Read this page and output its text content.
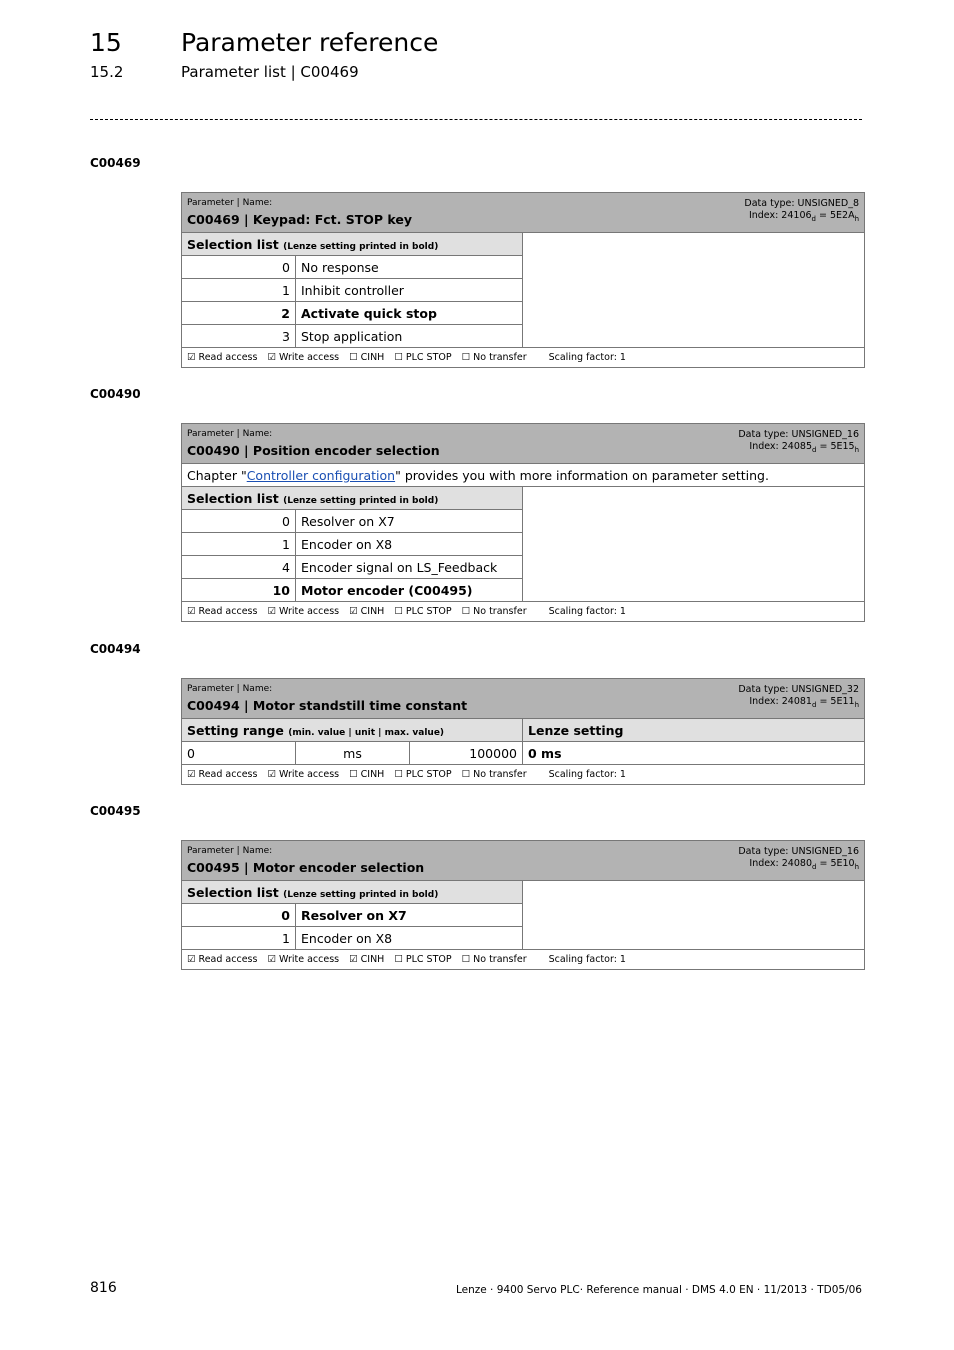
15 Parameter reference
15.2	Parameter list | C00469
C00469
Parameter | Name:
C00469 | Keypad: Fct. STOP key
Data type: UNSIGNED_8
Index: $24106_d = 5E2A_h$

Selection list (Lenze setting printed in bold)		
0	No response	
1	Inhibit controller	
2	Activate quick stop	
3	Stop application	
☑ Read access ☑ Write access ☐ CINH ☐ PLC STOP ☐ No transfer Scaling factor: 1		
C00490
Parameter | Name:
C00490 | Position encoder selection
Data type: UNSIGNED_16
Index: $24085_d = 5E15_h$

Chapter "Controller configuration" provides you with more information on parameter setting.		
Selection list (Lenze setting printed in bold)		
0	Resolver on X7	
1	Encoder on X8	
4	Encoder signal on LS_Feedback	
10	Motor encoder (C00495)	
☑ Read access ☑ Write access ☑ CINH ☐ PLC STOP ☐ No transfer Scaling factor: 1		
C00494
Parameter | Name:
C00494 | Motor standstill time constant
Data type: UNSIGNED_32
Index: $24081_d = 5E11_h$

Setting range (min. value | unit | max. value)			Lenze setting
0	ms	100000	0 ms
☑ Read access ☑ Write access ☐ CINH ☐ PLC STOP ☐ No transfer Scaling factor: 1			
C00495
Parameter | Name:
C00495 | Motor encoder selection
Data type: UNSIGNED_16
Index: $24080_d = 5E10_h$

Selection list (Lenze setting printed in bold)		
0	Resolver on X7	
1	Encoder on X8	
☑ Read access ☑ Write access ☑ CINH ☐ PLC STOP ☐ No transfer Scaling factor: 1		
816	Lenze · 9400 Servo PLC· Reference manual · DMS 4.0 EN · 11/2013 · TD05/06
